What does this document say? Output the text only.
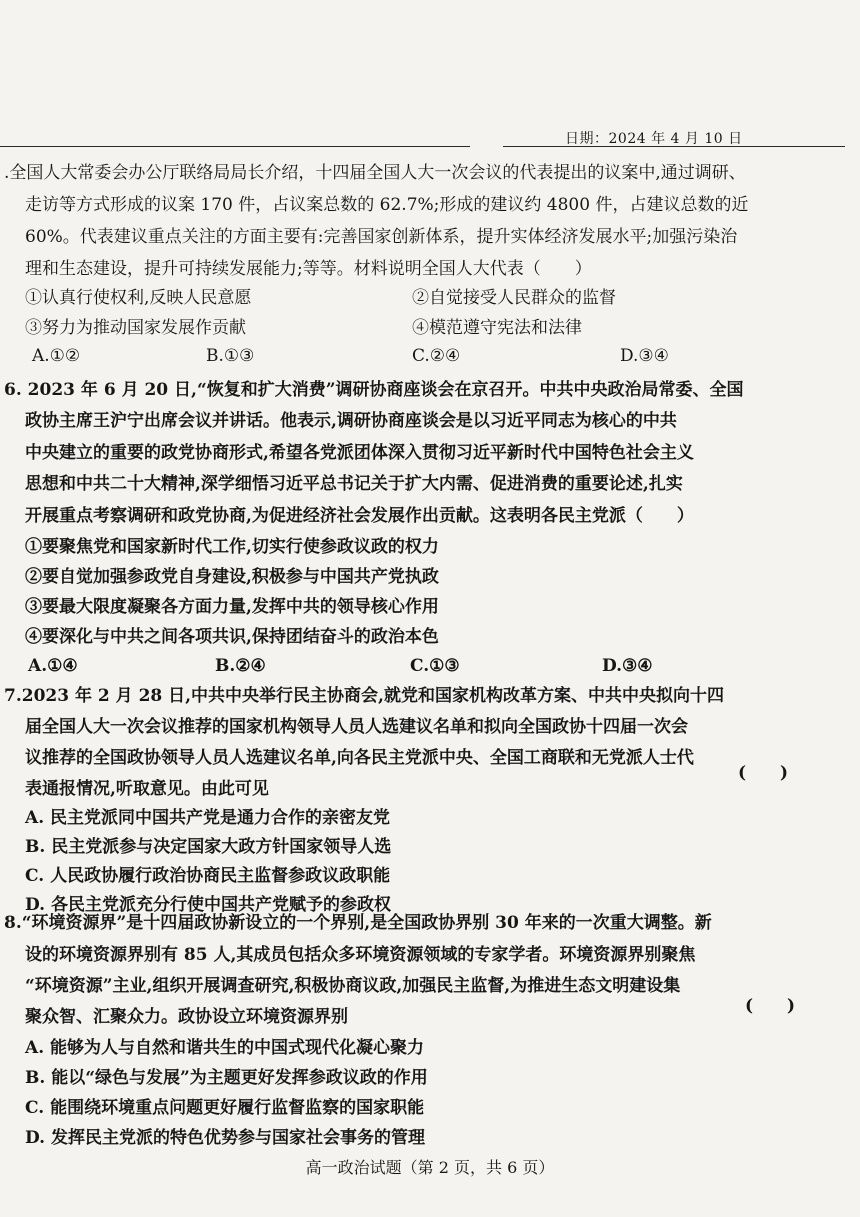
日期：2024 年 4 月 10 日
.全国人大常委会办公厅联络局局长介绍，十四届全国人大一次会议的代表提出的议案中,通过调研、
走访等方式形成的议案 170 件，占议案总数的 62.7%;形成的建议约 4800 件，占建议总数的近
60%。代表建议重点关注的方面主要有:完善国家创新体系，提升实体经济发展水平;加强污染治
理和生态建设，提升可持续发展能力;等等。材料说明全国人大代表（　　）
①认真行使权利,反映人民意愿	②自觉接受人民群众的监督
③努力为推动国家发展作贡献	④模范遵守宪法和法律
A.①②	B.①③	C.②④	D.③④
6. 2023 年 6 月 20 日,“恢复和扩大消费”调研协商座谈会在京召开。中共中央政治局常委、全国
政协主席王沪宁出席会议并讲话。他表示,调研协商座谈会是以习近平同志为核心的中共
中央建立的重要的政党协商形式,希望各党派团体深入贯彻习近平新时代中国特色社会主义
思想和中共二十大精神,深学细悟习近平总书记关于扩大内需、促进消费的重要论述,扎实
开展重点考察调研和政党协商,为促进经济社会发展作出贡献。这表明各民主党派（　　）
①要聚焦党和国家新时代工作,切实行使参政议政的权力
②要自觉加强参政党自身建设,积极参与中国共产党执政
③要最大限度凝聚各方面力量,发挥中共的领导核心作用
④要深化与中共之间各项共识,保持团结奋斗的政治本色
A.①④	B.②④	C.①③	D.③④
7.2023 年 2 月 28 日,中共中央举行民主协商会,就党和国家机构改革方案、中共中央拟向十四
届全国人大一次会议推荐的国家机构领导人员人选建议名单和拟向全国政协十四届一次会
议推荐的全国政协领导人员人选建议名单,向各民主党派中央、全国工商联和无党派人士代
表通报情况,听取意见。由此可见
(　　)
A. 民主党派同中国共产党是通力合作的亲密友党
B. 民主党派参与决定国家大政方针国家领导人选
C. 人民政协履行政治协商民主监督参政议政职能
D. 各民主党派充分行使中国共产党赋予的参政权
8.“环境资源界”是十四届政协新设立的一个界别,是全国政协界别 30 年来的一次重大调整。新
设的环境资源界别有 85 人,其成员包括众多环境资源领域的专家学者。环境资源界别聚焦
“环境资源”主业,组织开展调查研究,积极协商议政,加强民主监督,为推进生态文明建设集
聚众智、汇聚众力。政协设立环境资源界别
(　　)
A. 能够为人与自然和谐共生的中国式现代化凝心聚力
B. 能以“绿色与发展”为主题更好发挥参政议政的作用
C. 能围绕环境重点问题更好履行监督监察的国家职能
D. 发挥民主党派的特色优势参与国家社会事务的管理
高一政治试题（第 2 页，共 6 页）
